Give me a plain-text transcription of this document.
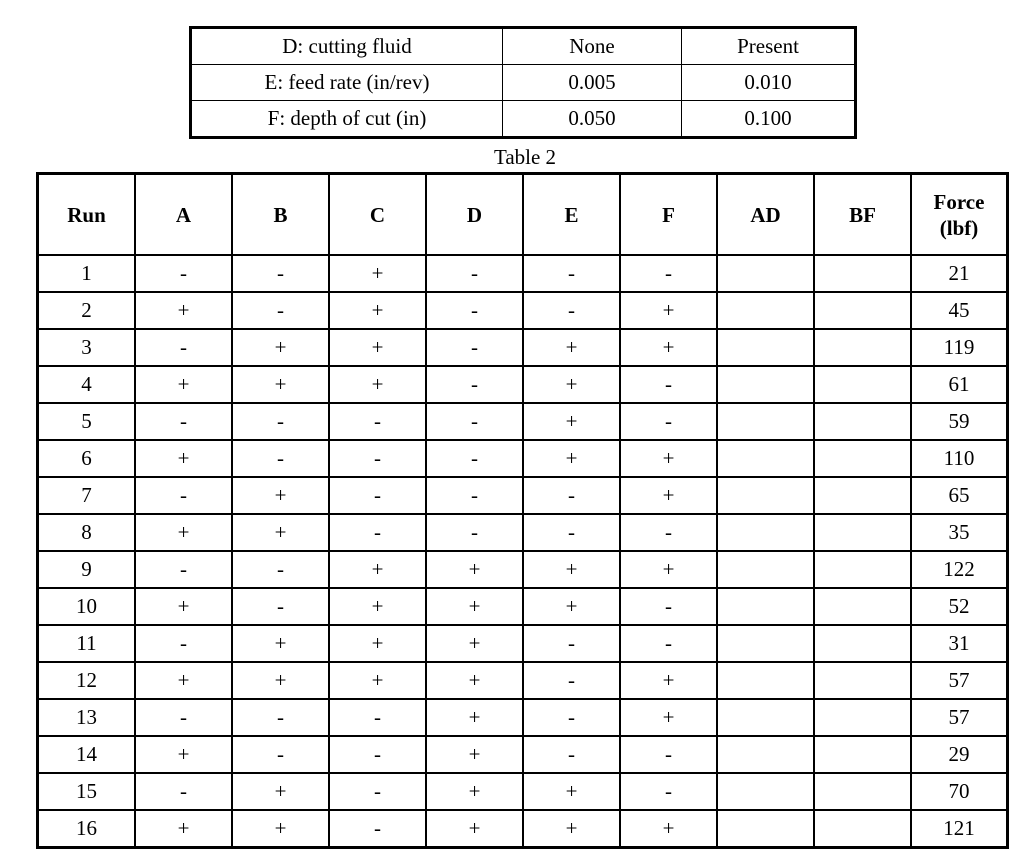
D: cutting fluid	None	Present
E: feed rate (in/rev)	0.005	0.010
F: depth of cut (in)	0.050	0.100
Table 2
Run	A	B	C	D	E	F	AD	BF	Force
(lbf)
1	-	-	+	-	-	-			21
2	+	-	+	-	-	+			45
3	-	+	+	-	+	+			119
4	+	+	+	-	+	-			61
5	-	-	-	-	+	-			59
6	+	-	-	-	+	+			110
7	-	+	-	-	-	+			65
8	+	+	-	-	-	-			35
9	-	-	+	+	+	+			122
10	+	-	+	+	+	-			52
11	-	+	+	+	-	-			31
12	+	+	+	+	-	+			57
13	-	-	-	+	-	+			57
14	+	-	-	+	-	-			29
15	-	+	-	+	+	-			70
16	+	+	-	+	+	+			121
